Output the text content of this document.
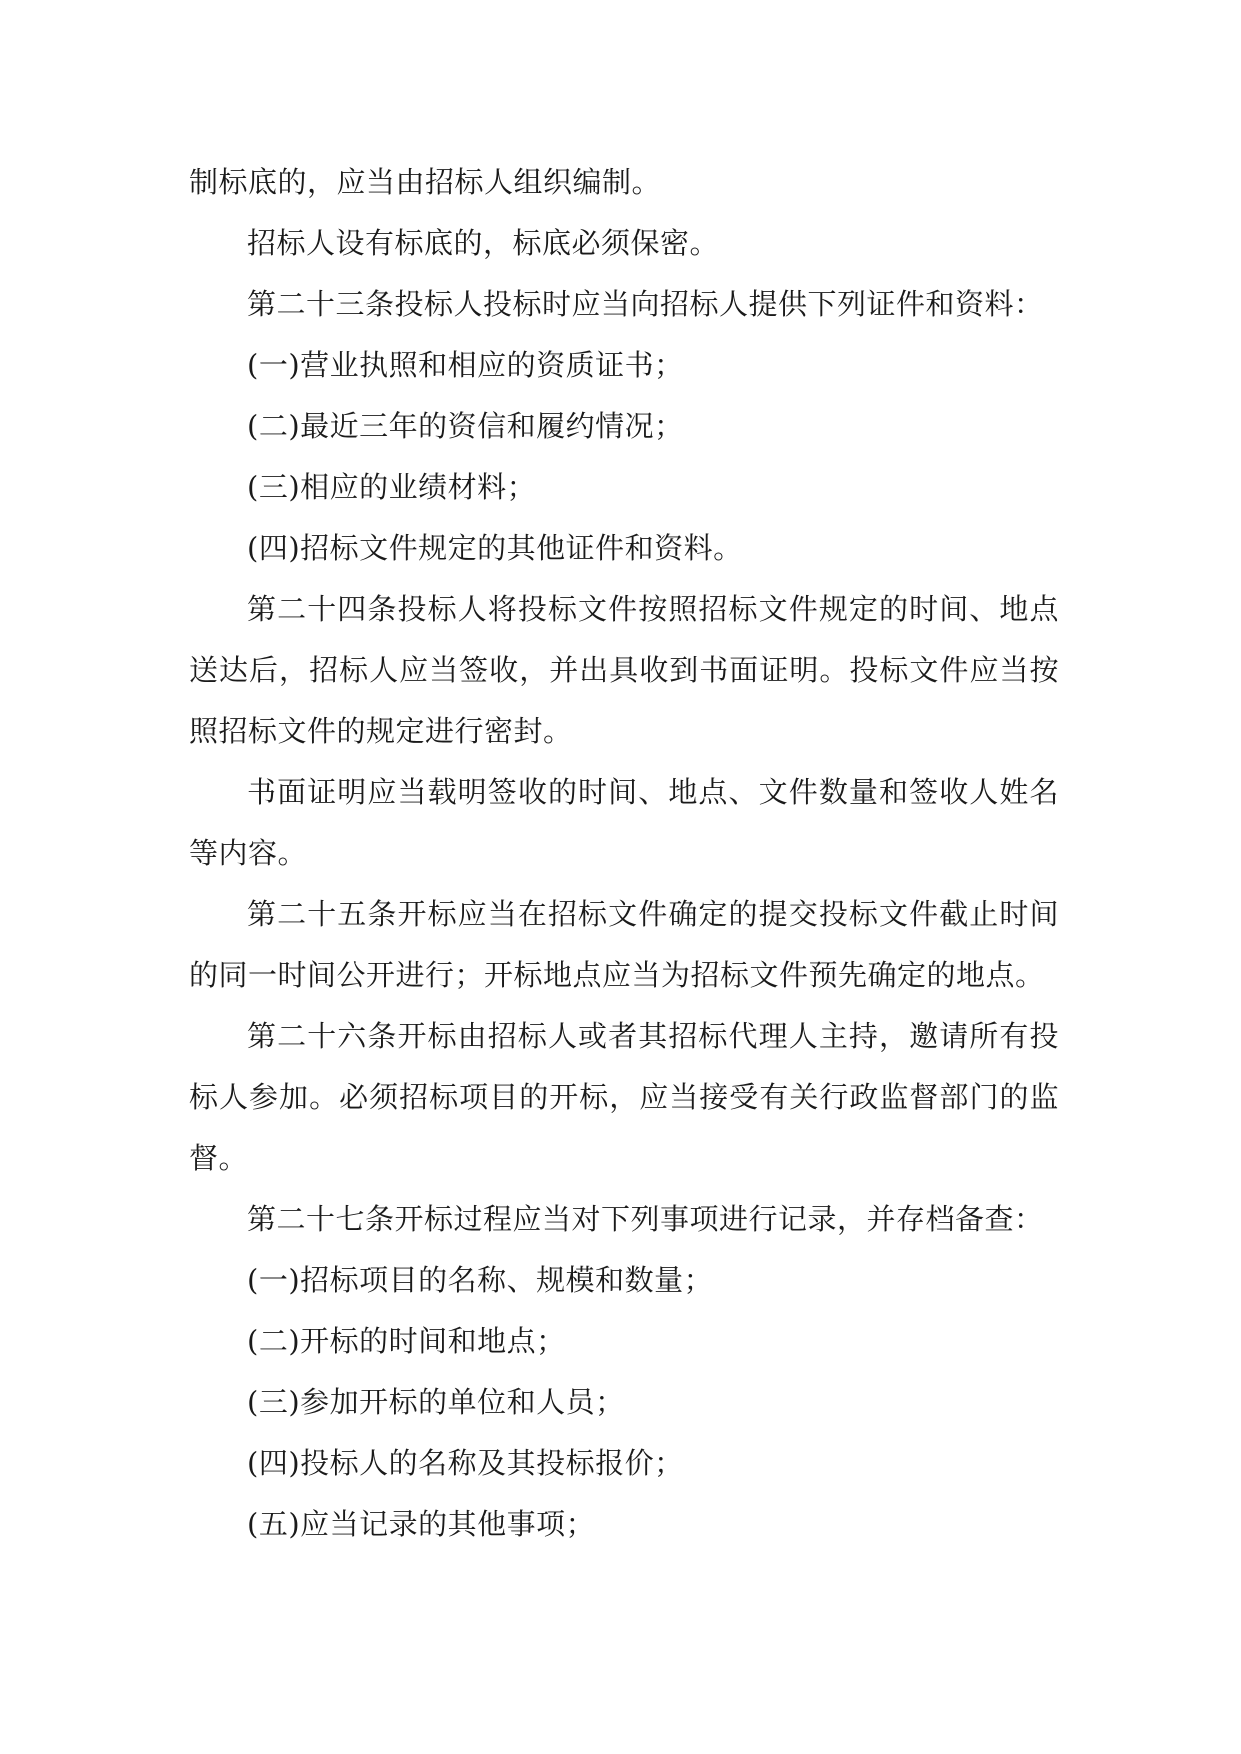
制标底的，应当由招标人组织编制。

招标人设有标底的，标底必须保密。

第二十三条投标人投标时应当向招标人提供下列证件和资料：

(一)营业执照和相应的资质证书；

(二)最近三年的资信和履约情况；

(三)相应的业绩材料；

(四)招标文件规定的其他证件和资料。

第二十四条投标人将投标文件按照招标文件规定的时间、地点送达后，招标人应当签收，并出具收到书面证明。投标文件应当按照招标文件的规定进行密封。

书面证明应当载明签收的时间、地点、文件数量和签收人姓名等内容。

第二十五条开标应当在招标文件确定的提交投标文件截止时间的同一时间公开进行；开标地点应当为招标文件预先确定的地点。

第二十六条开标由招标人或者其招标代理人主持，邀请所有投标人参加。必须招标项目的开标，应当接受有关行政监督部门的监督。

第二十七条开标过程应当对下列事项进行记录，并存档备查：

(一)招标项目的名称、规模和数量；

(二)开标的时间和地点；

(三)参加开标的单位和人员；

(四)投标人的名称及其投标报价；

(五)应当记录的其他事项；
